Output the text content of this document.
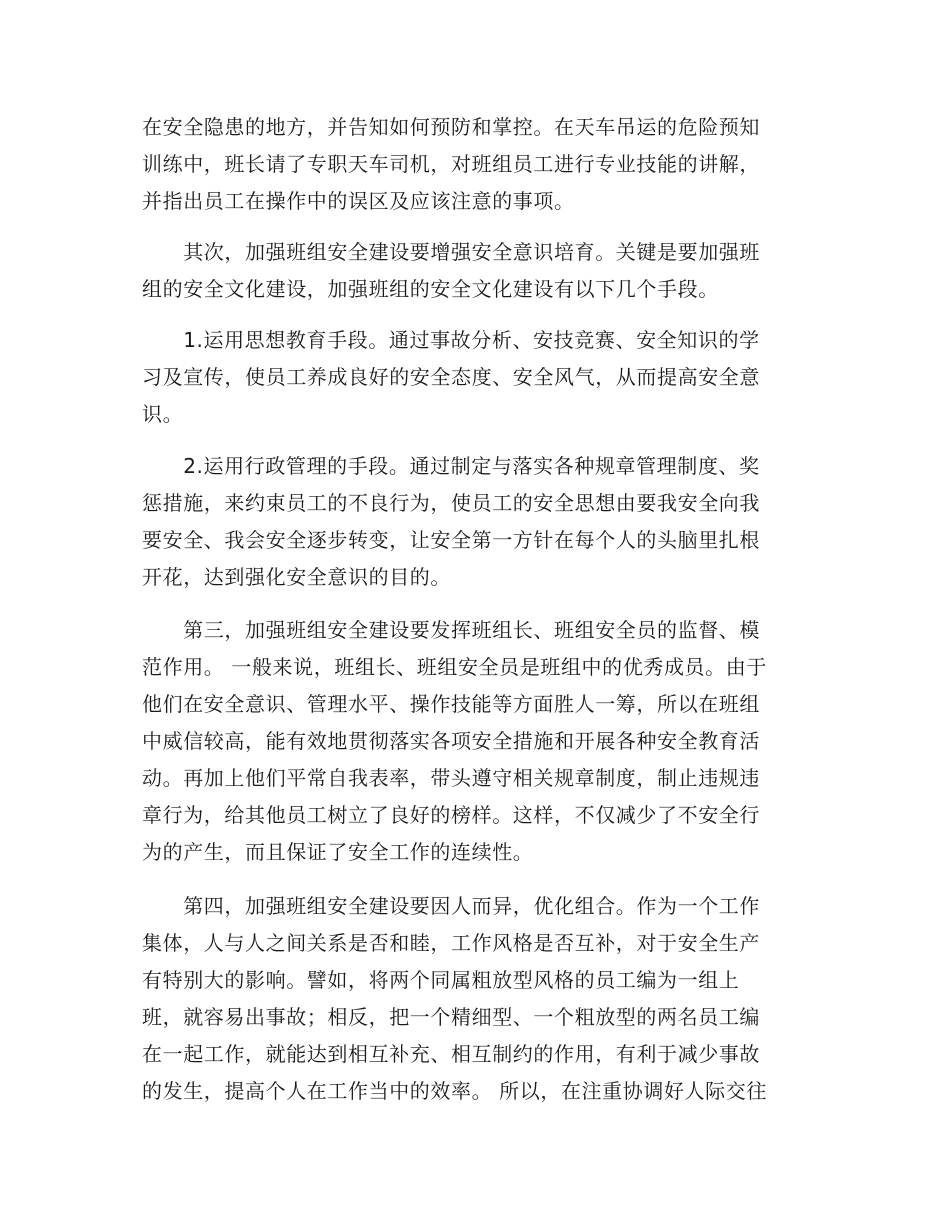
在安全隐患的地方，并告知如何预防和掌控。在天车吊运的危险预知
训练中，班长请了专职天车司机，对班组员工进行专业技能的讲解，
并指出员工在操作中的误区及应该注意的事项。
　　其次，加强班组安全建设要增强安全意识培育。关键是要加强班
组的安全文化建设，加强班组的安全文化建设有以下几个手段。
　　1.运用思想教育手段。通过事故分析、安技竞赛、安全知识的学
习及宣传，使员工养成良好的安全态度、安全风气，从而提高安全意
识。
　　2.运用行政管理的手段。通过制定与落实各种规章管理制度、奖
惩措施，来约束员工的不良行为，使员工的安全思想由要我安全向我
要安全、我会安全逐步转变，让安全第一方针在每个人的头脑里扎根
开花，达到强化安全意识的目的。
　　第三，加强班组安全建设要发挥班组长、班组安全员的监督、模
范作用。 一般来说，班组长、班组安全员是班组中的优秀成员。由于
他们在安全意识、管理水平、操作技能等方面胜人一筹，所以在班组
中威信较高，能有效地贯彻落实各项安全措施和开展各种安全教育活
动。再加上他们平常自我表率，带头遵守相关规章制度，制止违规违
章行为，给其他员工树立了良好的榜样。这样，不仅减少了不安全行
为的产生，而且保证了安全工作的连续性。
　　第四，加强班组安全建设要因人而异，优化组合。作为一个工作
集体，人与人之间关系是否和睦，工作风格是否互补，对于安全生产
有特别大的影响。譬如，将两个同属粗放型风格的员工编为一组上
班，就容易出事故；相反，把一个精细型、一个粗放型的两名员工编
在一起工作，就能达到相互补充、相互制约的作用，有利于减少事故
的发生，提高个人在工作当中的效率。 所以，在注重协调好人际交往
